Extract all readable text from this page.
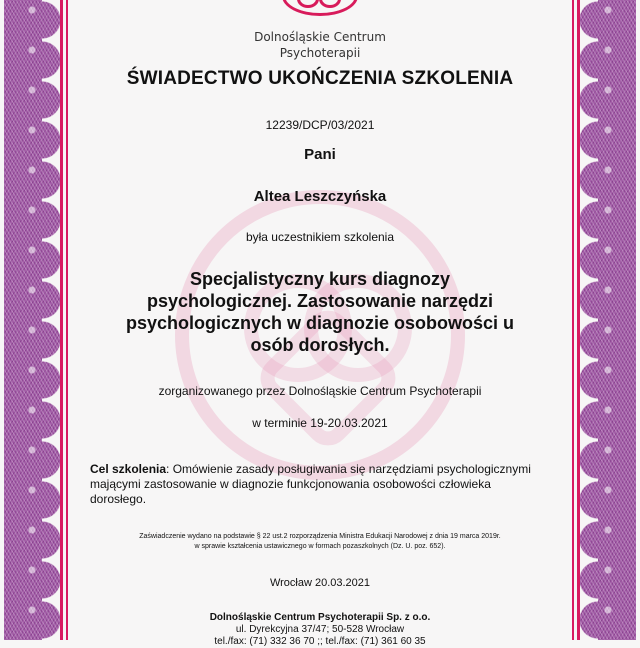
Dolnośląskie Centrum
Psychoterapii
ŚWIADECTWO UKOŃCZENIA SZKOLENIA
12239/DCP/03/2021
Pani
Altea Leszczyńska
była uczestnikiem szkolenia
Specjalistyczny kurs diagnozy psychologicznej. Zastosowanie narzędzi psychologicznych w diagnozie osobowości u osób dorosłych.
zorganizowanego przez Dolnośląskie Centrum Psychoterapii
w terminie 19-20.03.2021
Cel szkolenia: Omówienie zasady posługiwania się narzędziami psychologicznymi mającymi zastosowanie w diagnozie funkcjonowania osobowości człowieka dorosłego.
Zaświadczenie wydano na podstawie § 22 ust.2 rozporządzenia Ministra Edukacji Narodowej z dnia 19 marca 2019r.
w sprawie kształcenia ustawicznego w formach pozaszkolnych (Dz. U. poz. 652).
Wrocław 20.03.2021
Dolnośląskie Centrum Psychoterapii Sp. z o.o.
ul. Dyrekcyjna 37/47; 50-528 Wrocław
tel./fax: (71) 332 36 70 ;; tel./fax: (71) 361 60 35
